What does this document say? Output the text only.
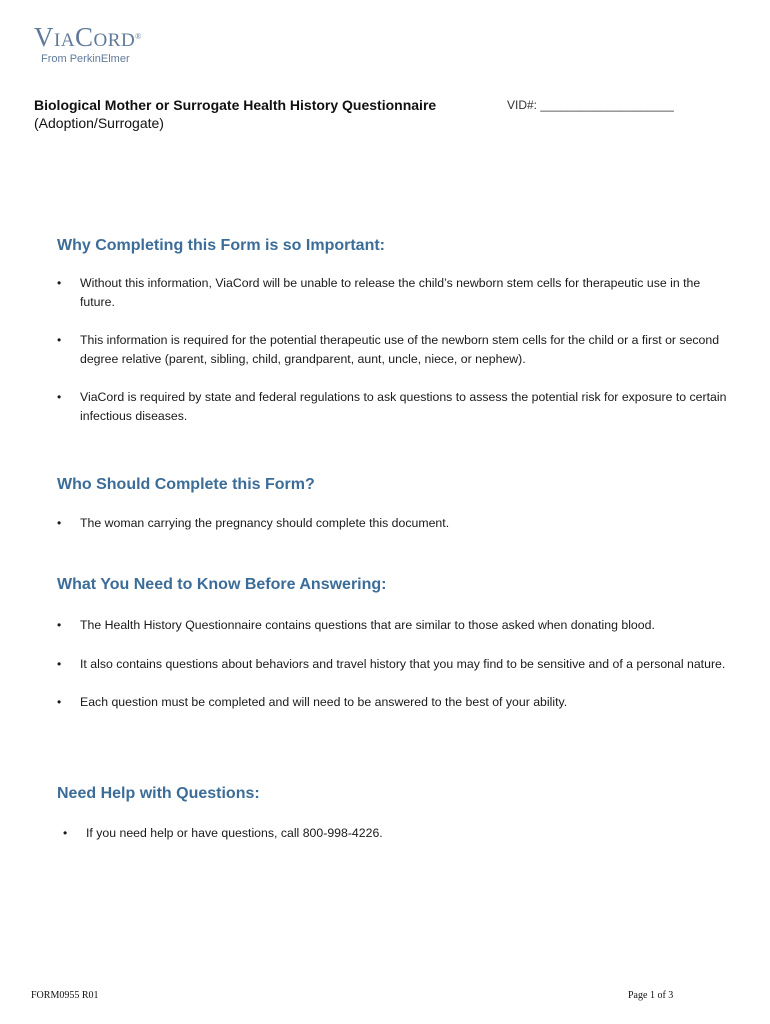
ViaCord®
From PerkinElmer
Biological Mother or Surrogate Health History Questionnaire
(Adoption/Surrogate)
VID#: ____________________
Why Completing this Form is so Important:
• Without this information, ViaCord will be unable to release the child’s newborn stem cells for therapeutic use in the future.
• This information is required for the potential therapeutic use of the newborn stem cells for the child or a first or second degree relative (parent, sibling, child, grandparent, aunt, uncle, niece, or nephew).
• ViaCord is required by state and federal regulations to ask questions to assess the potential risk for exposure to certain infectious diseases.
Who Should Complete this Form?
• The woman carrying the pregnancy should complete this document.
What You Need to Know Before Answering:
• The Health History Questionnaire contains questions that are similar to those asked when donating blood.
• It also contains questions about behaviors and travel history that you may find to be sensitive and of a personal nature.
• Each question must be completed and will need to be answered to the best of your ability.
Need Help with Questions:
• If you need help or have questions, call 800-998-4226.
FORM0955 R01	Page 1 of 3
